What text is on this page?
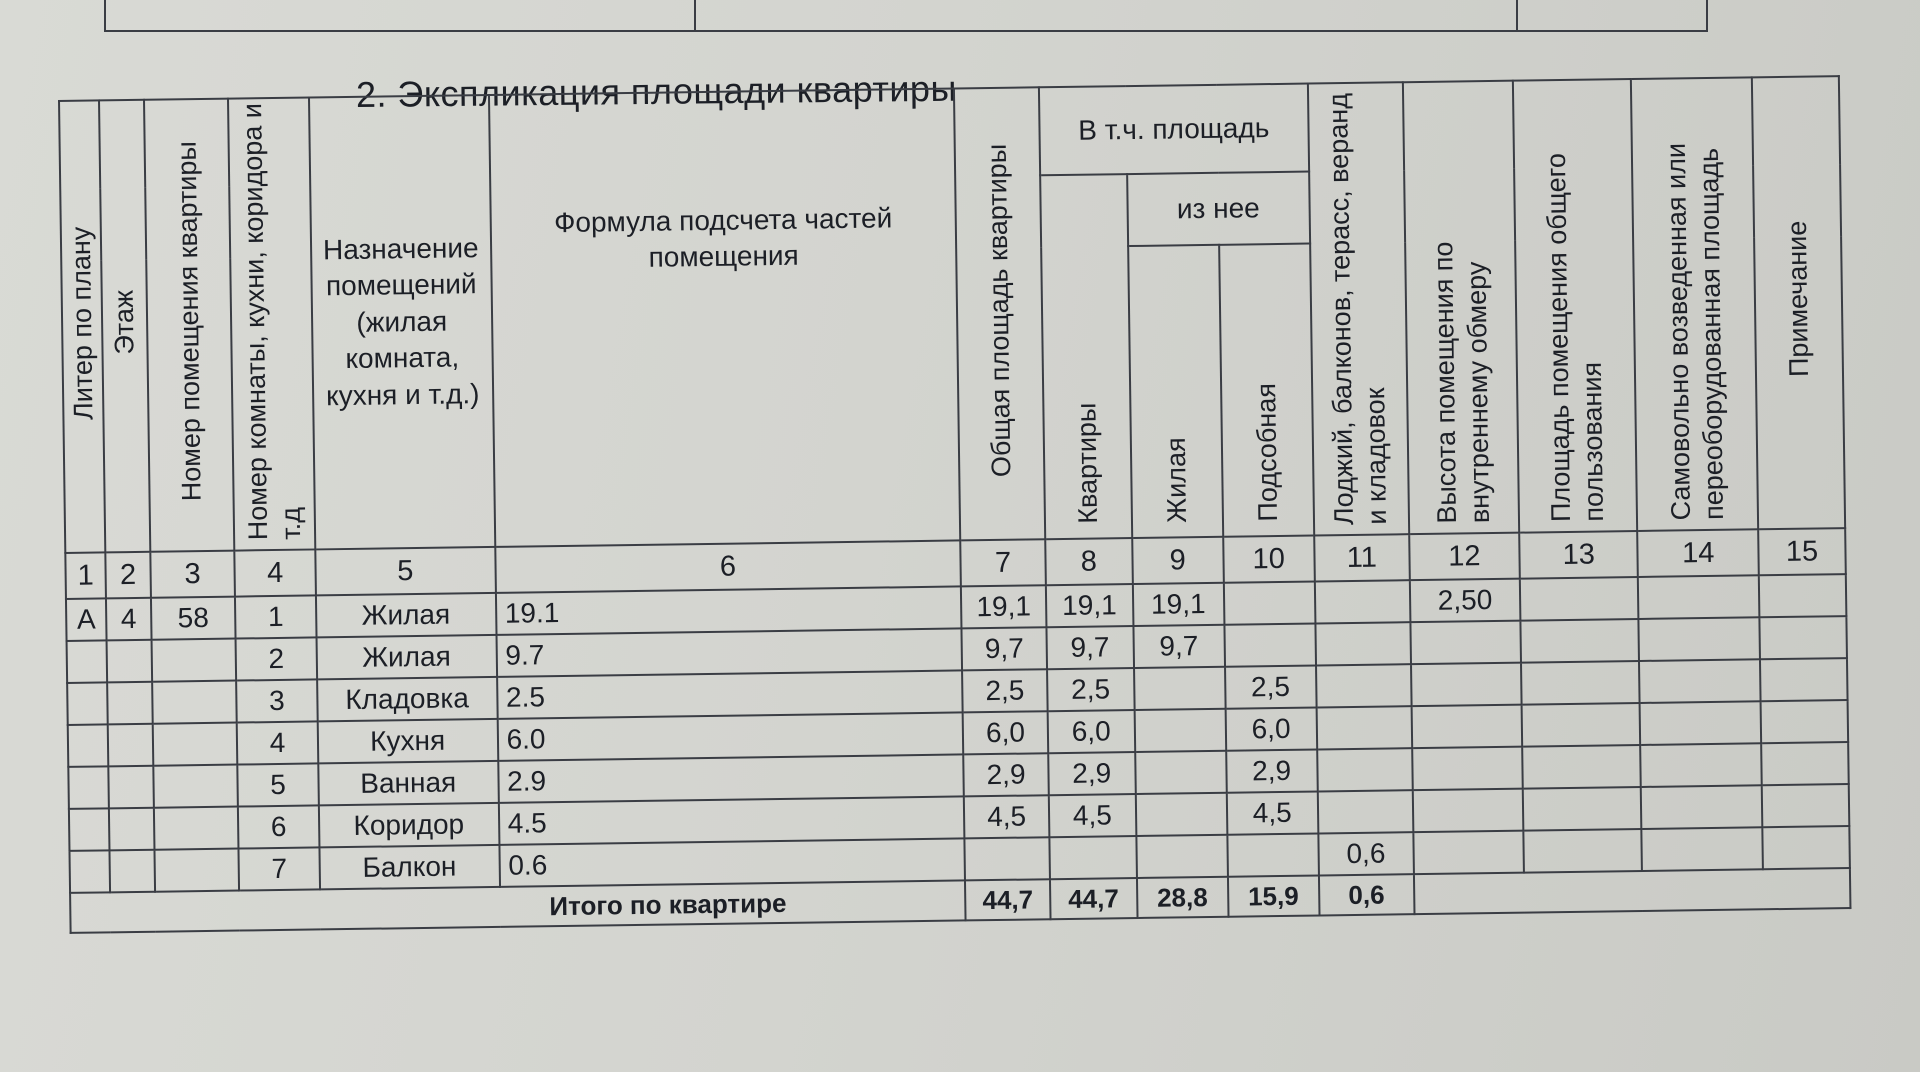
2. Экспликация площади квартиры
Литер по плану	Этаж	Номер помещения квартиры	Номер комнаты, кухни, коридора и т.д	Назначение помещений (жилая комната, кухня и т.д.)	Формула подсчета частей помещения	Общая площадь квартиры	В т.ч. площадь			Лоджий, балконов, терасс, веранд и кладовок	Высота помещения по внутреннему обмеру	Площадь помещения общего пользования	Самовольно возведенная или переоборудованная площадь	Примечание
							Квартиры	из нее						

								Жилая	Подсобная					
1	2	3	4	5	6	7	8	9	10	11	12	13	14	15
А	4	58	1	Жилая	19.1	19,1	19,1	19,1			2,50			
			2	Жилая	9.7	9,7	9,7	9,7						
			3	Кладовка	2.5	2,5	2,5		2,5					
			4	Кухня	6.0	6,0	6,0		6,0					
			5	Ванная	2.9	2,9	2,9		2,9					
			6	Коридор	4.5	4,5	4,5		4,5					
			7	Балкон	0.6					0,6				
Итого по квартире						44,7	44,7	28,8	15,9	0,6				
